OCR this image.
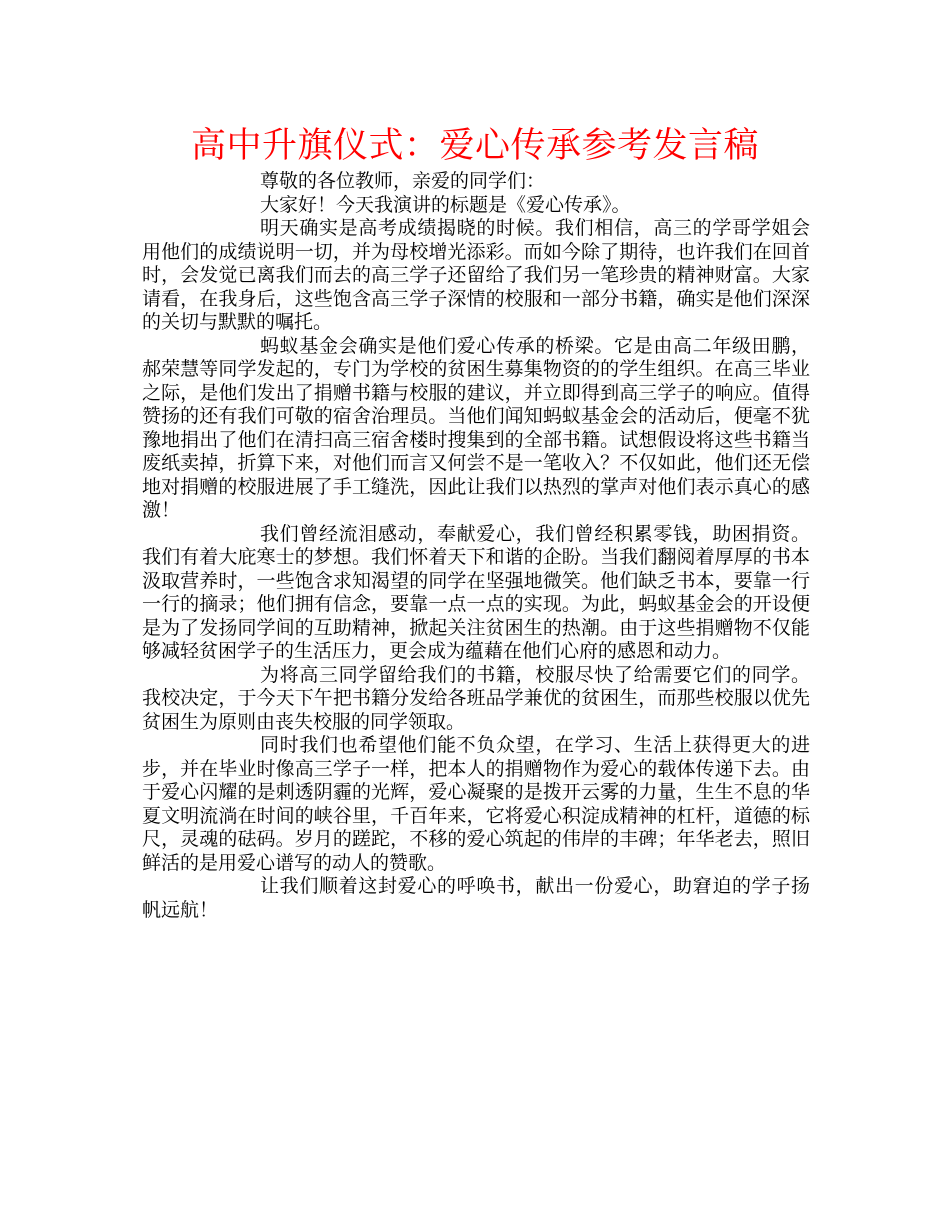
高中升旗仪式：爱心传承参考发言稿

尊敬的各位教师，亲爱的同学们：

大家好！今天我演讲的标题是《爱心传承》。

明天确实是高考成绩揭晓的时候。我们相信，高三的学哥学姐会用他们的成绩说明一切，并为母校增光添彩。而如今除了期待，也许我们在回首时，会发觉已离我们而去的高三学子还留给了我们另一笔珍贵的精神财富。大家请看，在我身后，这些饱含高三学子深情的校服和一部分书籍，确实是他们深深的关切与默默的嘱托。

蚂蚁基金会确实是他们爱心传承的桥梁。它是由高二年级田鹏，郝荣慧等同学发起的，专门为学校的贫困生募集物资的的学生组织。在高三毕业之际，是他们发出了捐赠书籍与校服的建议，并立即得到高三学子的响应。值得赞扬的还有我们可敬的宿舍治理员。当他们闻知蚂蚁基金会的活动后，便毫不犹豫地捐出了他们在清扫高三宿舍楼时搜集到的全部书籍。试想假设将这些书籍当废纸卖掉，折算下来，对他们而言又何尝不是一笔收入？不仅如此，他们还无偿地对捐赠的校服进展了手工缝洗，因此让我们以热烈的掌声对他们表示真心的感激！

我们曾经流泪感动，奉献爱心，我们曾经积累零钱，助困捐资。我们有着大庇寒士的梦想。我们怀着天下和谐的企盼。当我们翻阅着厚厚的书本汲取营养时，一些饱含求知渴望的同学在坚强地微笑。他们缺乏书本，要靠一行一行的摘录；他们拥有信念，要靠一点一点的实现。为此，蚂蚁基金会的开设便是为了发扬同学间的互助精神，掀起关注贫困生的热潮。由于这些捐赠物不仅能够减轻贫困学子的生活压力，更会成为蕴藉在他们心府的感恩和动力。

为将高三同学留给我们的书籍，校服尽快了给需要它们的同学。我校决定，于今天下午把书籍分发给各班品学兼优的贫困生，而那些校服以优先贫困生为原则由丧失校服的同学领取。

同时我们也希望他们能不负众望，在学习、生活上获得更大的进步，并在毕业时像高三学子一样，把本人的捐赠物作为爱心的载体传递下去。由于爱心闪耀的是刺透阴霾的光辉，爱心凝聚的是拨开云雾的力量，生生不息的华夏文明流淌在时间的峡谷里，千百年来，它将爱心积淀成精神的杠杆，道德的标尺，灵魂的砝码。岁月的蹉跎，不移的爱心筑起的伟岸的丰碑；年华老去，照旧鲜活的是用爱心谱写的动人的赞歌。

让我们顺着这封爱心的呼唤书，献出一份爱心，助窘迫的学子扬帆远航！
